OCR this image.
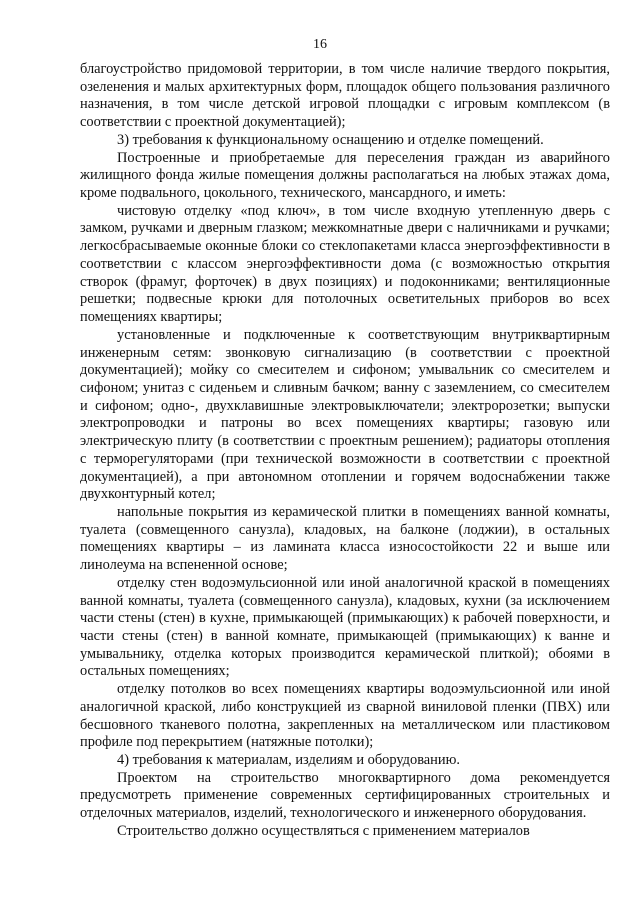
16

благоустройство придомовой территории, в том числе наличие твердого покрытия, озеленения и малых архитектурных форм, площадок общего пользования различного назначения, в том числе детской игровой площадки с игровым комплексом (в соответствии с проектной документацией);

3) требования к функциональному оснащению и отделке помещений.

Построенные и приобретаемые для переселения граждан из аварийного жилищного фонда жилые помещения должны располагаться на любых этажах дома, кроме подвального, цокольного, технического, мансардного, и иметь:

чистовую отделку «под ключ», в том числе входную утепленную дверь с замком, ручками и дверным глазком; межкомнатные двери с наличниками и ручками; легкосбрасываемые оконные блоки со стеклопакетами класса энергоэффективности в соответствии с классом энергоэффективности дома (с возможностью открытия створок (фрамуг, форточек) в двух позициях) и подоконниками; вентиляционные решетки; подвесные крюки для потолочных осветительных приборов во всех помещениях квартиры;

установленные и подключенные к соответствующим внутриквартирным инженерным сетям: звонковую сигнализацию (в соответствии с проектной документацией); мойку со смесителем и сифоном; умывальник со смесителем и сифоном; унитаз с сиденьем и сливным бачком; ванну с заземлением, со смесителем и сифоном; одно-, двухклавишные электровыключатели; электророзетки; выпуски электропроводки и патроны во всех помещениях квартиры; газовую или электрическую плиту (в соответствии с проектным решением); радиаторы отопления с терморегуляторами (при технической возможности в соответствии с проектной документацией), а при автономном отоплении и горячем водоснабжении также двухконтурный котел;

напольные покрытия из керамической плитки в помещениях ванной комнаты, туалета (совмещенного санузла), кладовых, на балконе (лоджии), в остальных помещениях квартиры – из ламината класса износостойкости 22 и выше или линолеума на вспененной основе;

отделку стен водоэмульсионной или иной аналогичной краской в помещениях ванной комнаты, туалета (совмещенного санузла), кладовых, кухни (за исключением части стены (стен) в кухне, примыкающей (примыкающих) к рабочей поверхности, и части стены (стен) в ванной комнате, примыкающей (примыкающих) к ванне и умывальнику, отделка которых производится керамической плиткой); обоями в остальных помещениях;

отделку потолков во всех помещениях квартиры водоэмульсионной или иной аналогичной краской, либо конструкцией из сварной виниловой пленки (ПВХ) или бесшовного тканевого полотна, закрепленных на металлическом или пластиковом профиле под перекрытием (натяжные потолки);

4) требования к материалам, изделиям и оборудованию.

Проектом на строительство многоквартирного дома рекомендуется предусмотреть применение современных сертифицированных строительных и отделочных материалов, изделий, технологического и инженерного оборудования.

Строительство должно осуществляться с применением материалов
